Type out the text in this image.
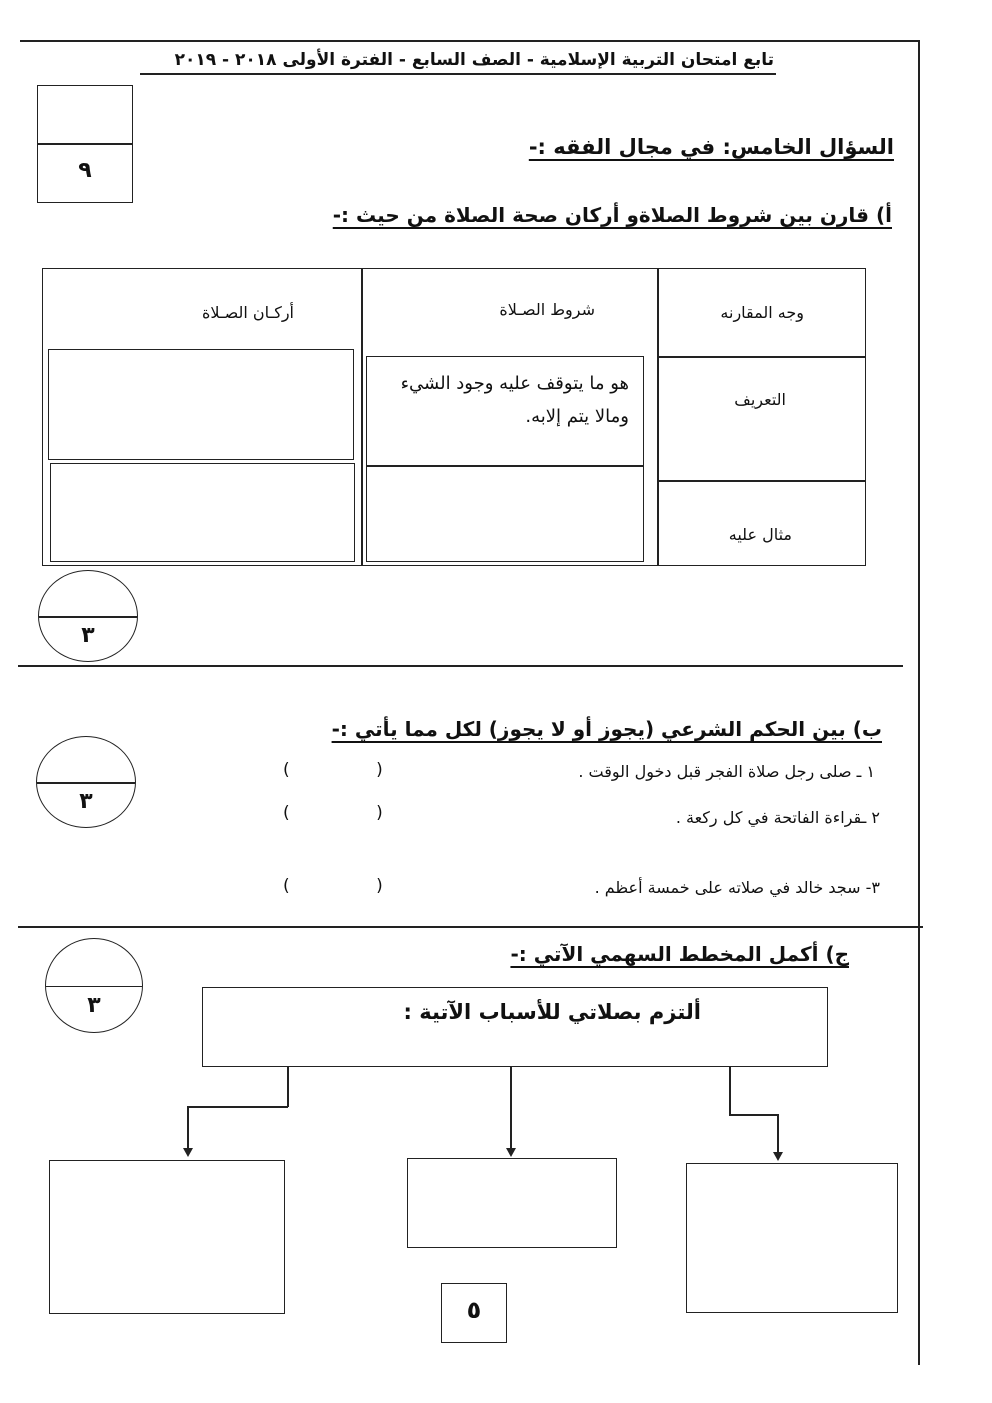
تابع امتحان التربية الإسلامية - الصف السابع - الفترة الأولى ٢٠١٨ - ٢٠١٩
٩
السؤال الخامس: في مجال الفقه :-
أ) قارن بين شروط الصلاةو أركان صحة الصلاة من حيث :-
وجه المقارنه
شروط الصـلاة
أركـان الصـلاة
التعريف
مثال عليه
هو ما يتوقف عليه وجود الشيء ومالا يتم إلابه.
٣
ب) بين الحكم الشرعي (يجوز أو لا يجوز) لكل مما يأتي :-
٣
١ ـ صلى رجل صلاة الفجر قبل دخول الوقت .
(                )
٢ ـقراءة الفاتحة في كل ركعة .
(                )
٣- سجد خالد في صلاته على خمسة أعظم .
(                )
ج) أكمل المخطط السهمي الآتي :-
٣	ألتزم بصلاتي للأسباب الآتية :
٥
